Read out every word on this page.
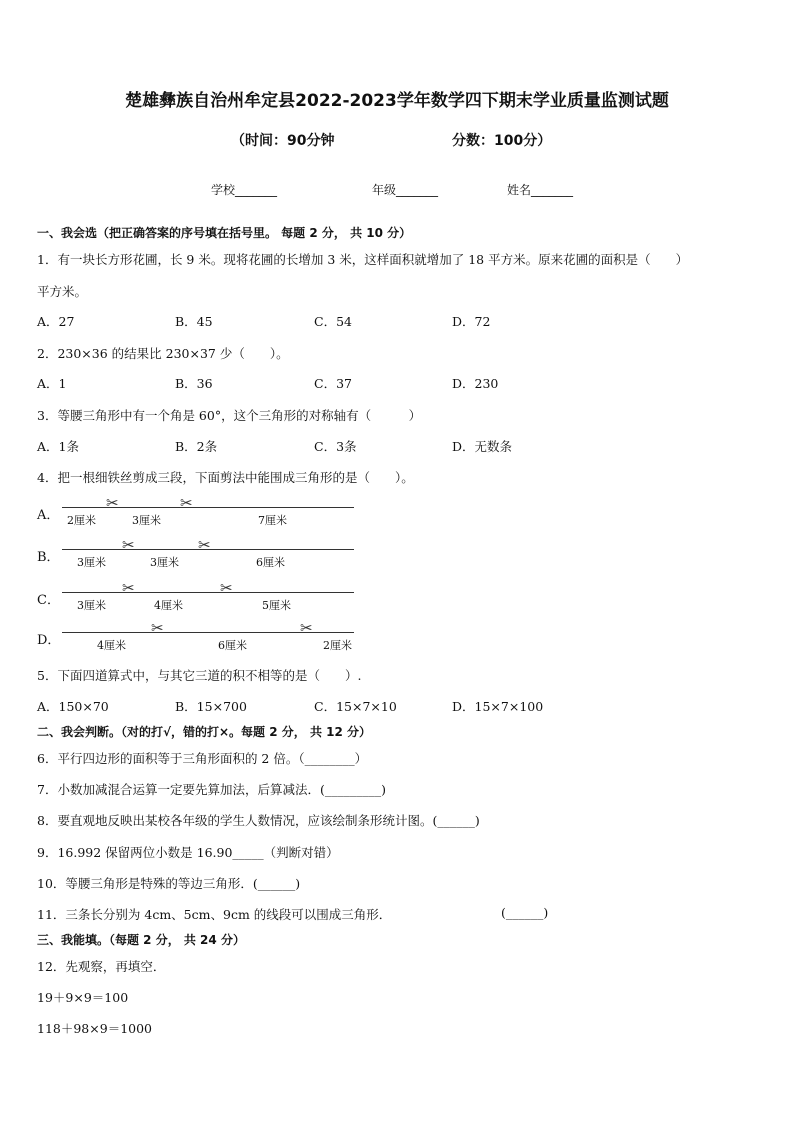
楚雄彝族自治州牟定县2022-2023学年数学四下期末学业质量监测试题
（时间：90分钟	分数：100分）
学校_______	年级_______	姓名_______
一、我会选（把正确答案的序号填在括号里。 每题 2 分， 共 10 分）
1．有一块长方形花圃，长 9 米。现将花圃的长增加 3 米，这样面积就增加了 18 平方米。原来花圃的面积是（　　）
平方米。
A．27	B．45	C．54	D．72
2．230×36 的结果比 230×37 少（　　）。
A．1	B．36	C．37	D．230
3．等腰三角形中有一个角是 60°，这个三角形的对称轴有（　　　）
A．1条	B．2条	C．3条	D．无数条
4．把一根细铁丝剪成三段，下面剪法中能围成三角形的是（　　）。
A．
✂	✂
2厘米	3厘米	7厘米
B．
✂	✂
3厘米	3厘米	6厘米
C．
✂	✂
3厘米	4厘米	5厘米
D．
✂	✂
4厘米	6厘米	2厘米
5．下面四道算式中，与其它三道的积不相等的是（　　）.
A．150×70	B．15×700	C．15×7×10	D．15×7×100
二、我会判断。（对的打√，错的打×。每题 2 分， 共 12 分）
6．平行四边形的面积等于三角形面积的 2 倍。（________）
7．小数加减混合运算一定要先算加法，后算减法．(_________)
8．要直观地反映出某校各年级的学生人数情况，应该绘制条形统计图。(______)
9．16.992 保留两位小数是 16.90_____（判断对错）
10．等腰三角形是特殊的等边三角形．(______)
11．三条长分别为 4cm、5cm、9cm 的线段可以围成三角形．	(______)
三、我能填。（每题 2 分， 共 24 分）
12．先观察，再填空．
19＋9×9＝100
118＋98×9＝1000
